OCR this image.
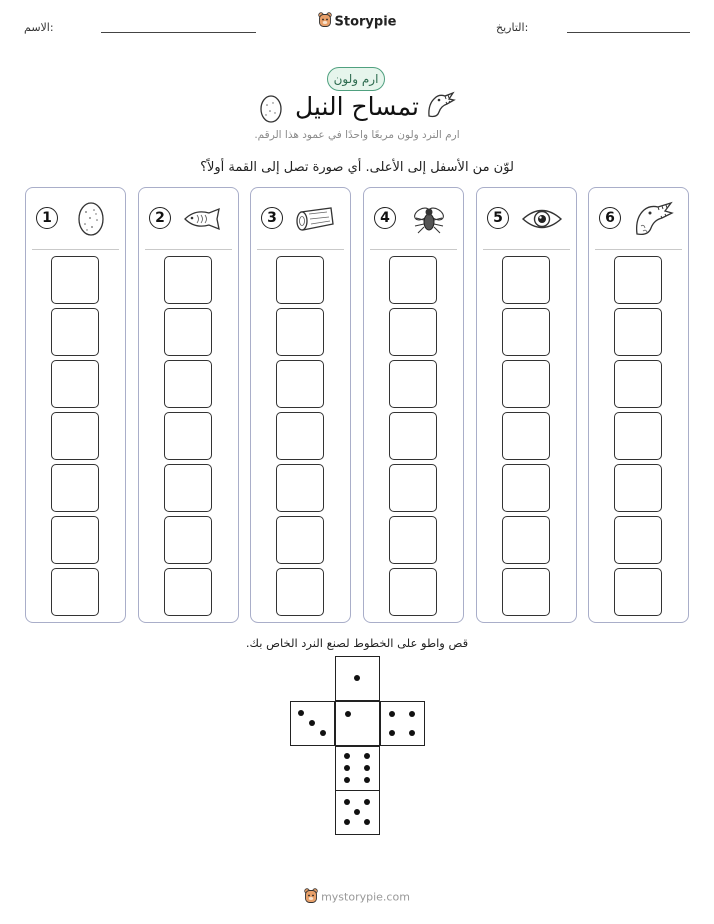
الاسم:	التاريخ:
Storypie
ارم ولون
تمساح النيل
ارم النرد ولون مربعًا واحدًا في عمود هذا الرقم.
لوّن من الأسفل إلى الأعلى. أي صورة تصل إلى القمة أولاً؟
1	2	3	4	5	6
قص واطو على الخطوط لصنع النرد الخاص بك.
mystorypie.com
